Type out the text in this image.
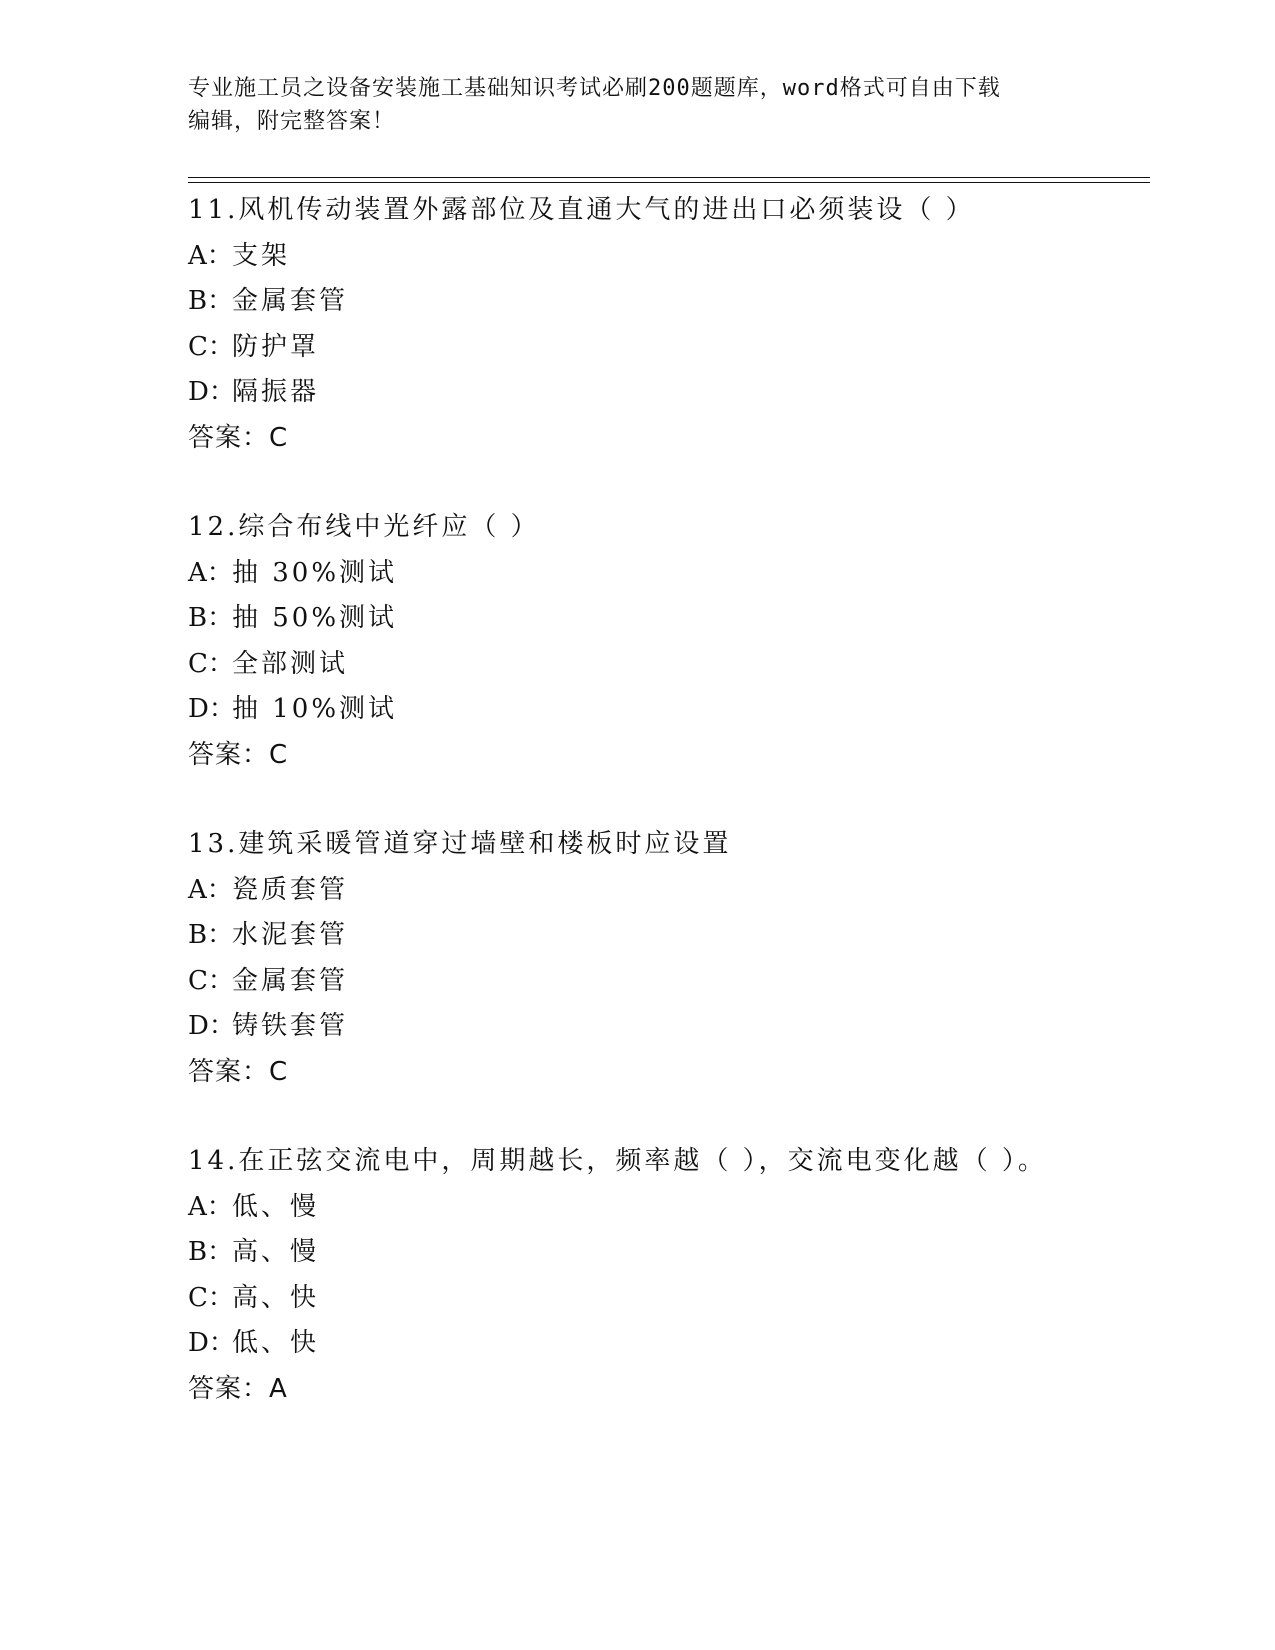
专业施工员之设备安装施工基础知识考试必刷200题题库，word格式可自由下载
编辑，附完整答案！
11.风机传动装置外露部位及直通大气的进出口必须装设（ ）
A：支架
B：金属套管
C：防护罩
D：隔振器
答案：C
12.综合布线中光纤应（ ）
A：抽 30%测试
B：抽 50%测试
C：全部测试
D：抽 10%测试
答案：C
13.建筑采暖管道穿过墙壁和楼板时应设置
A：瓷质套管
B：水泥套管
C：金属套管
D：铸铁套管
答案：C
14.在正弦交流电中，周期越长，频率越（ ），交流电变化越（ ）。
A：低、慢
B：高、慢
C：高、快
D：低、快
答案：A
